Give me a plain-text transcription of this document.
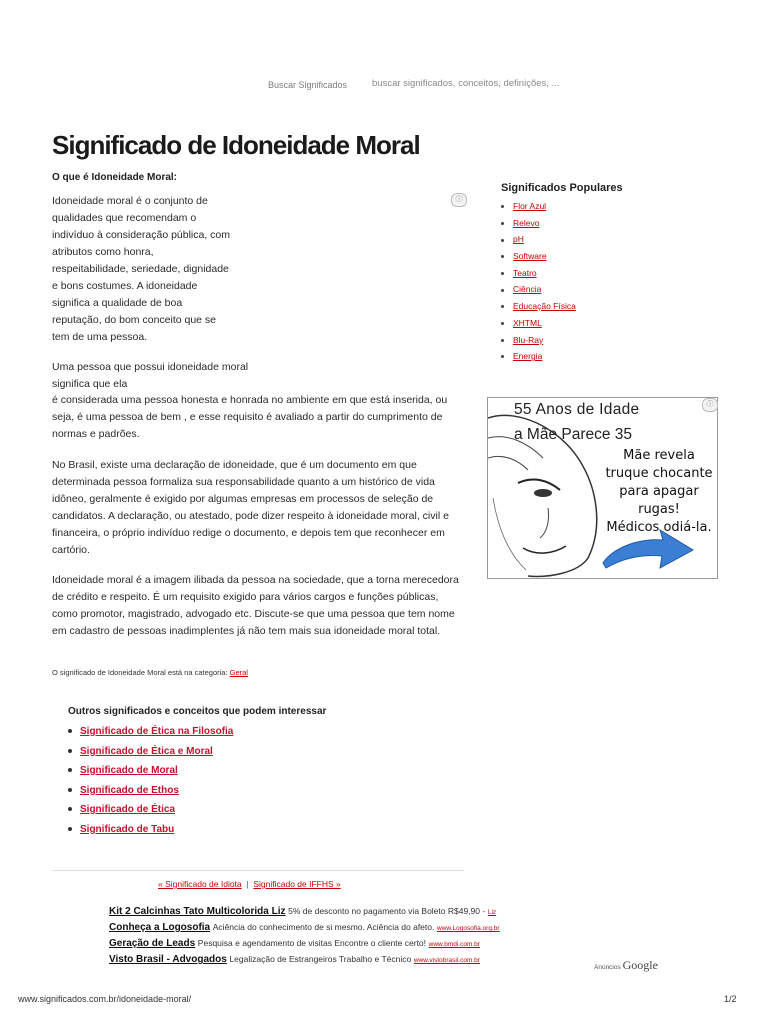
Buscar Significados
buscar significados, conceitos, definições, ...
Significado de Idoneidade Moral
O que é Idoneidade Moral:
ⓘ

Idoneidade moral é o conjunto de qualidades que recomendam o indivíduo à consideração pública, com atributos como honra, respeitabilidade, seriedade, dignidade e bons costumes. A idoneidade significa a qualidade de boa reputação, do bom conceito que se tem de uma pessoa.

Uma pessoa que possui idoneidade moral significa que ela

é considerada uma pessoa honesta e honrada no ambiente em que está inserida, ou seja, é uma pessoa de bem , e esse requisito é avaliado a partir do cumprimento de normas e padrões.

No Brasil, existe uma declaração de idoneidade, que é um documento em que determinada pessoa formaliza sua responsabilidade quanto a um histórico de vida idôneo, geralmente é exigido por algumas empresas em processos de seleção de candidatos. A declaração, ou atestado, pode dizer respeito à idoneidade moral, civil e financeira, o próprio indivíduo redige o documento, e depois tem que reconhecer em cartório.

Idoneidade moral é a imagem ilibada da pessoa na sociedade, que a torna merecedora de crédito e respeito. É um requisito exigido para vários cargos e funções públicas, como promotor, magistrado, advogado etc. Discute-se que uma pessoa que tem nome em cadastro de pessoas inadimplentes já não tem mais sua idoneidade moral total.

O significado de Idoneidade Moral está na categoria: Geral
Outros significados e conceitos que podem interessar
Significado de Ética na Filosofia
Significado de Ética e Moral
Significado de Moral
Significado de Ethos
Significado de Ética
Significado de Tabu
« Significado de Idiota | Significado de IFFHS »
Kit 2 Calcinhas Tato Multicolorida Liz 5% de desconto no pagamento via Boleto R$49,90 - Liz
Conheça a Logosofia Aciência do conhecimento de si mesmo. Aciência do afeto. www.Logosofia.org.br
Geração de Leads Pesquisa e agendamento de visitas Encontre o cliente certo! www.bmdi.com.br
Visto Brasil - Advogados Legalização de Estrangeiros Trabalho e Técnico www.vistobrasil.com.br
Anúncios Google
Significados Populares
Flor Azul
Relevo
pH
Software
Teatro
Ciência
Educação Física
XHTML
Blu-Ray
Energia
55 Anos de Idade
a Mãe Parece 35
Mãe revela
truque chocante
para apagar
rugas!
Médicos odiá-la.
ⓘ
www.significados.com.br/idoneidade-moral/	1/2
